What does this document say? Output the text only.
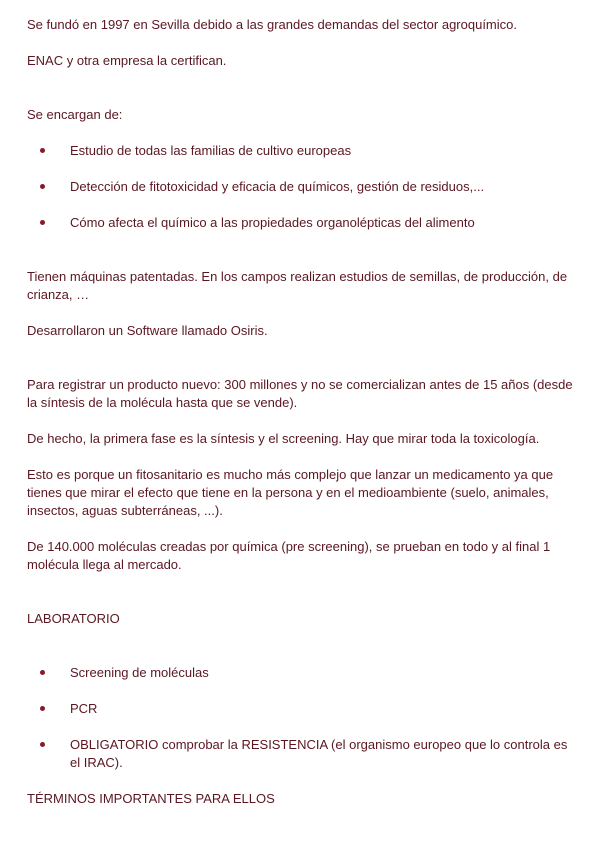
Se fundó en 1997 en Sevilla debido a las grandes demandas del sector agroquímico.

ENAC y otra empresa la certifican.

Se encargan de:

Estudio de todas las familias de cultivo europeas
Detección de fitotoxicidad y eficacia de químicos, gestión de residuos,...
Cómo afecta el químico a las propiedades organolépticas del alimento

Tienen máquinas patentadas. En los campos realizan estudios de semillas, de producción, de crianza, …

Desarrollaron un Software llamado Osiris.

Para registrar un producto nuevo: 300 millones y no se comercializan antes de 15 años (desde la síntesis de la molécula hasta que se vende).

De hecho, la primera fase es la síntesis y el screening. Hay que mirar toda la toxicología.

Esto es porque un fitosanitario es mucho más complejo que lanzar un medicamento ya que tienes que mirar el efecto que tiene en la persona y en el medioambiente (suelo, animales, insectos, aguas subterráneas, ...).

De 140.000 moléculas creadas por química (pre screening), se prueban en todo y al final 1 molécula llega al mercado.

LABORATORIO

Screening de moléculas
PCR
OBLIGATORIO comprobar la RESISTENCIA (el organismo europeo que lo controla es el IRAC).

TÉRMINOS IMPORTANTES PARA ELLOS
